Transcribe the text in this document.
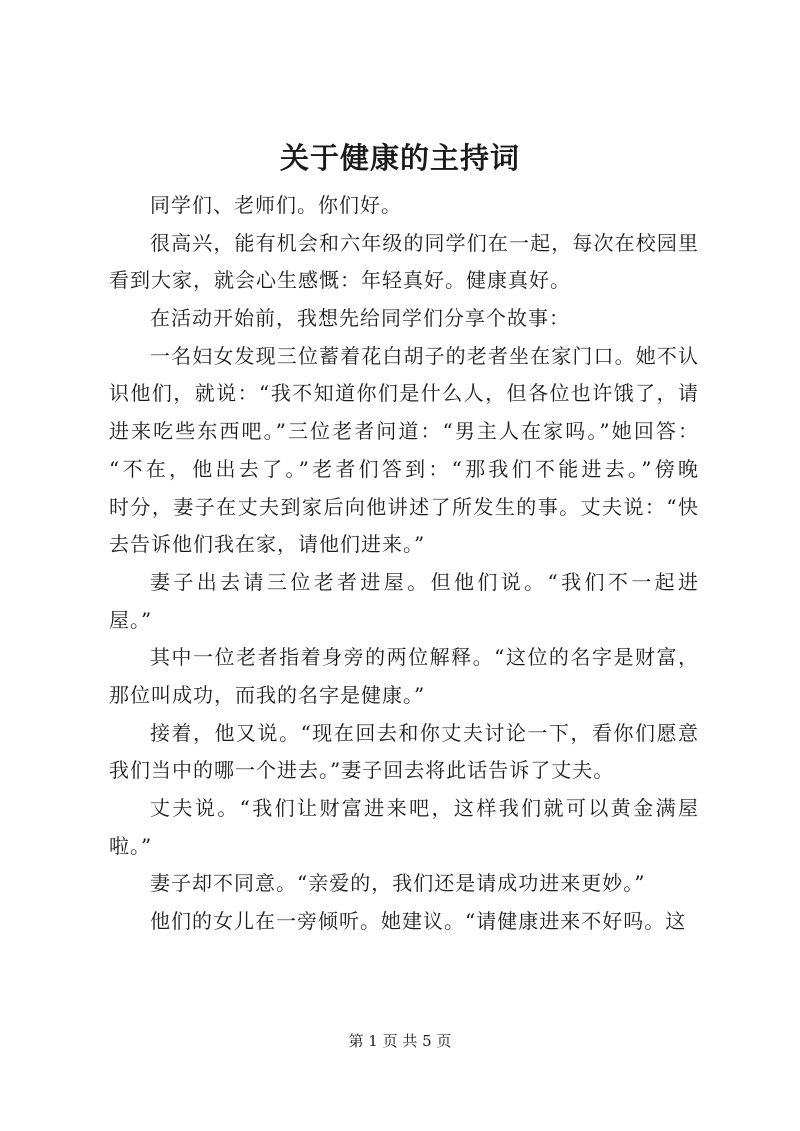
关于健康的主持词
同学们、老师们。你们好。
很高兴，能有机会和六年级的同学们在一起，每次在校园里
看到大家，就会心生感慨：年轻真好。健康真好。
在活动开始前，我想先给同学们分享个故事：
一名妇女发现三位蓄着花白胡子的老者坐在家门口。她不认
识他们，就说：“我不知道你们是什么人，但各位也许饿了，请
进来吃些东西吧。”三位老者问道：“男主人在家吗。”她回答：
“不在，他出去了。”老者们答到：“那我们不能进去。”傍晚
时分，妻子在丈夫到家后向他讲述了所发生的事。丈夫说：“快
去告诉他们我在家，请他们进来。”
妻子出去请三位老者进屋。但他们说。“我们不一起进
屋。”
其中一位老者指着身旁的两位解释。“这位的名字是财富，
那位叫成功，而我的名字是健康。”
接着，他又说。“现在回去和你丈夫讨论一下，看你们愿意
我们当中的哪一个进去。”妻子回去将此话告诉了丈夫。
丈夫说。“我们让财富进来吧，这样我们就可以黄金满屋
啦。”
妻子却不同意。“亲爱的，我们还是请成功进来更妙。”
他们的女儿在一旁倾听。她建议。“请健康进来不好吗。这
第 1 页 共 5 页
